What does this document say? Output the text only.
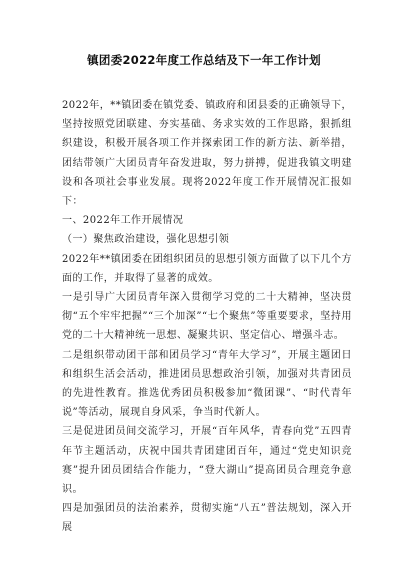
镇团委2022年度工作总结及下一年工作计划

2022年，**镇团委在镇党委、镇政府和团县委的正确领导下，坚持按照党团联建、夯实基础、务求实效的工作思路，狠抓组织建设，积极开展各项工作并探索团工作的新方法、新举措，团结带领广大团员青年奋发进取，努力拼搏，促进我镇文明建设和各项社会事业发展。现将2022年度工作开展情况汇报如下：

一、2022年工作开展情况

（一）聚焦政治建设，强化思想引领

2022年**镇团委在团组织团员的思想引领方面做了以下几个方面的工作，并取得了显著的成效。

一是引导广大团员青年深入贯彻学习党的二十大精神，坚决贯彻“五个牢牢把握”“三个加深”“七个聚焦”等重要要求，坚持用党的二十大精神统一思想、凝聚共识、坚定信心、增强斗志。

二是组织带动团干部和团员学习“青年大学习”，开展主题团日和组织生活会活动，推进团员思想政治引领，加强对共青团员的先进性教育。推选优秀团员积极参加“微团课”、“时代青年说”等活动，展现自身风采，争当时代新人。

三是促进团员间交流学习，开展“百年风华，青春向党”五四青年节主题活动，庆祝中国共青团建团百年，通过“党史知识竞赛”提升团员团结合作能力，“登大湖山”提高团员合理竞争意识。

四是加强团员的法治素养，贯彻实施“八五”普法规划，深入开展
